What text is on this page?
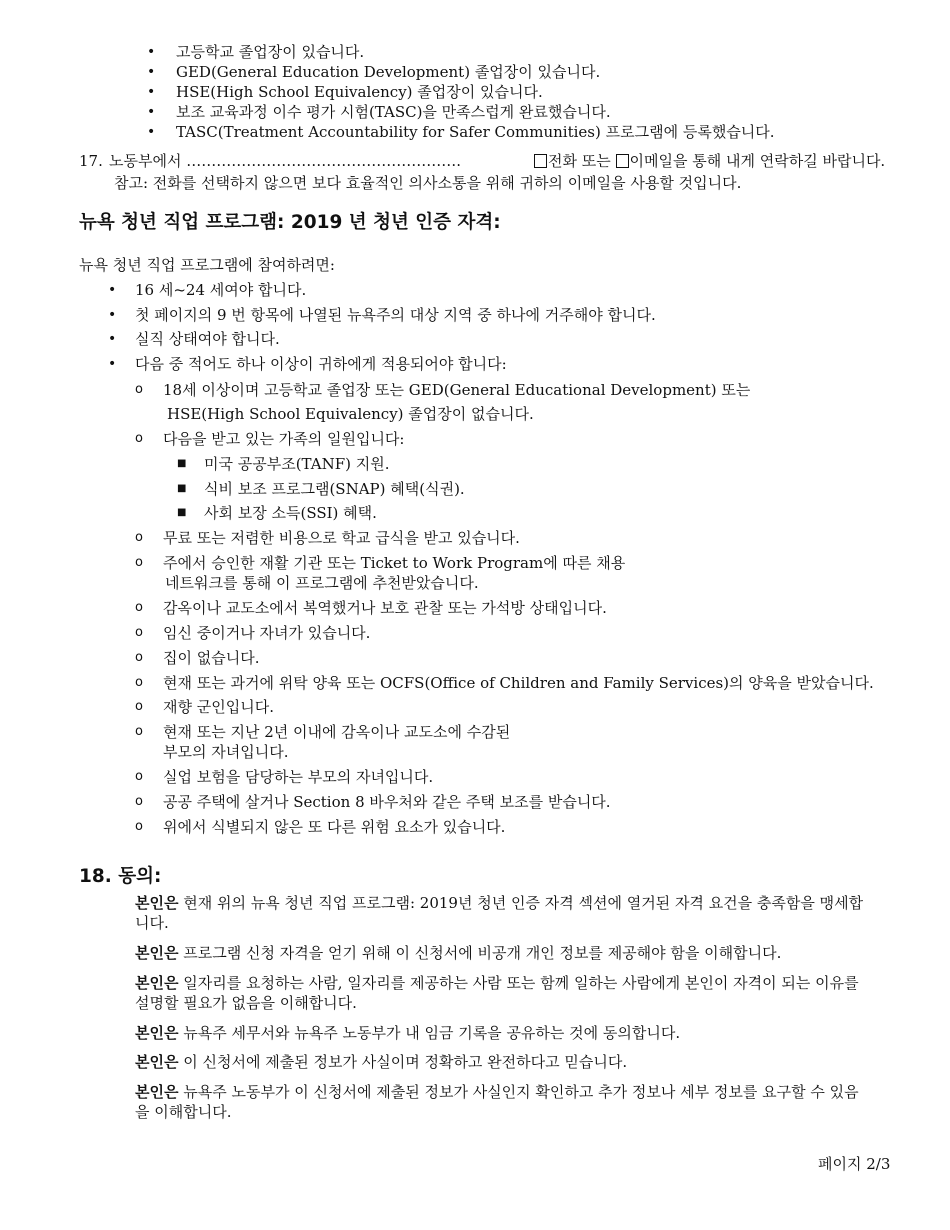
• 고등학교 졸업장이 있습니다.
• GED(General Education Development) 졸업장이 있습니다.
• HSE(High School Equivalency) 졸업장이 있습니다.
• 보조 교육과정 이수 평가 시험(TASC)을 만족스럽게 완료했습니다.
• TASC(Treatment Accountability for Safer Communities) 프로그램에 등록했습니다.
17. 노동부에서 ……………………………………………….	전화 또는 이메일을 통해 내게 연락하길 바랍니다.
참고: 전화를 선택하지 않으면 보다 효율적인 의사소통을 위해 귀하의 이메일을 사용할 것입니다.
뉴욕 청년 직업 프로그램: 2019 년 청년 인증 자격:
뉴욕 청년 직업 프로그램에 참여하려면:
• 16 세~24 세여야 합니다.
• 첫 페이지의 9 번 항목에 나열된 뉴욕주의 대상 지역 중 하나에 거주해야 합니다.
• 실직 상태여야 합니다.
• 다음 중 적어도 하나 이상이 귀하에게 적용되어야 합니다:
o 18세 이상이며 고등학교 졸업장 또는 GED(General Educational Development) 또는
HSE(High School Equivalency) 졸업장이 없습니다.
o 다음을 받고 있는 가족의 일원입니다:
■ 미국 공공부조(TANF) 지원.
■ 식비 보조 프로그램(SNAP) 혜택(식권).
■ 사회 보장 소득(SSI) 혜택.
o 무료 또는 저렴한 비용으로 학교 급식을 받고 있습니다.
o 주에서 승인한 재활 기관 또는 Ticket to Work Program에 따른 채용
네트워크를 통해 이 프로그램에 추천받았습니다.
o 감옥이나 교도소에서 복역했거나 보호 관찰 또는 가석방 상태입니다.
o 임신 중이거나 자녀가 있습니다.
o 집이 없습니다.
o 현재 또는 과거에 위탁 양육 또는 OCFS(Office of Children and Family Services)의 양육을 받았습니다.
o 재향 군인입니다.
o 현재 또는 지난 2년 이내에 감옥이나 교도소에 수감된
부모의 자녀입니다.
o 실업 보험을 담당하는 부모의 자녀입니다.
o 공공 주택에 살거나 Section 8 바우처와 같은 주택 보조를 받습니다.
o 위에서 식별되지 않은 또 다른 위험 요소가 있습니다.
18. 동의:
본인은 현재 위의 뉴욕 청년 직업 프로그램: 2019년 청년 인증 자격 섹션에 열거된 자격 요건을 충족함을 맹세합니다.
본인은 프로그램 신청 자격을 얻기 위해 이 신청서에 비공개 개인 정보를 제공해야 함을 이해합니다.
본인은 일자리를 요청하는 사람, 일자리를 제공하는 사람 또는 함께 일하는 사람에게 본인이 자격이 되는 이유를 설명할 필요가 없음을 이해합니다.
본인은 뉴욕주 세무서와 뉴욕주 노동부가 내 임금 기록을 공유하는 것에 동의합니다.
본인은 이 신청서에 제출된 정보가 사실이며 정확하고 완전하다고 믿습니다.
본인은 뉴욕주 노동부가 이 신청서에 제출된 정보가 사실인지 확인하고 추가 정보나 세부 정보를 요구할 수 있음을 이해합니다.
페이지 2/3
